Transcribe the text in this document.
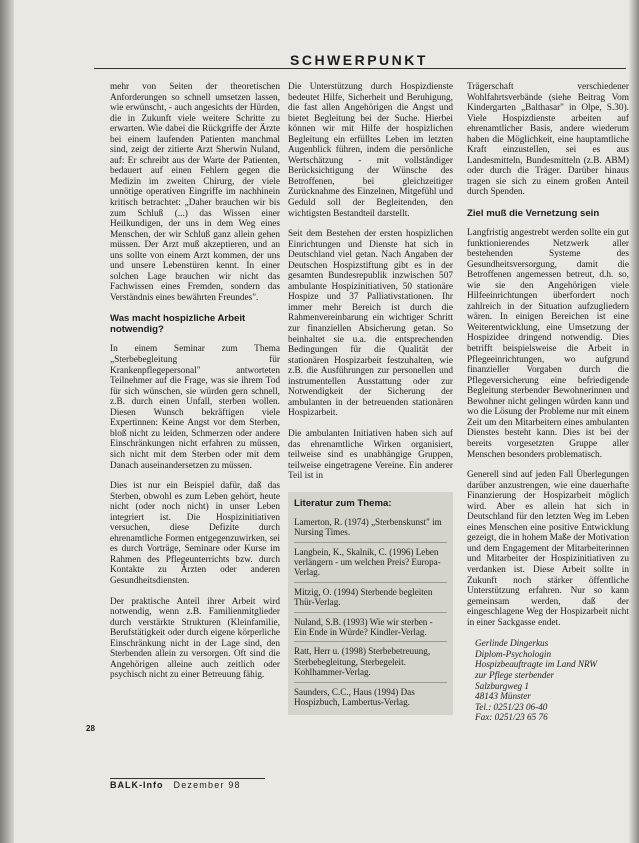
SCHWERPUNKT

mehr von Seiten der theoretischen Anforderungen so schnell umsetzen lassen, wie erwünscht, - auch angesichts der Hürden, die in Zukunft viele weitere Schritte zu erwarten. Wie dabei die Rückgriffe der Ärzte bei einem laufenden Patienten manchmal sind, zeigt der zitierte Arzt Sherwin Nuland, auf: Er schreibt aus der Warte der Patienten, bedauert auf einen Fehlern gegen die Medizin im zweiten Chirurg, der viele unnötige operativen Eingriffe im nachhinein kritisch betrachtet: „Daher brauchen wir bis zum Schluß (...) das Wissen einer Heilkundigen, der uns in dem Weg eines Menschen, der wir Schluß ganz allein gehen müssen. Der Arzt muß akzeptieren, und an uns sollte von einem Arzt kommen, der uns und unsere Lebenstüren kennt. In einer solchen Lage brauchen wir nicht das Fachwissen eines Fremden, sondern das Verständnis eines bewährten Freundes".

Was macht hospizliche Arbeit notwendig?

In einem Seminar zum Thema „Sterbebegleitung für Krankenpflegepersonal" antworteten Teilnehmer auf die Frage, was sie ihrem Tod für sich wünschen, sie würden gern schnell, z.B. durch einen Unfall, sterben wollen. Diesen Wunsch bekräftigen viele Expertinnen: Keine Angst vor dem Sterben, bloß nicht zu leiden, Schmerzen oder andere Einschränkungen nicht erfahren zu müssen, sich nicht mit dem Sterben oder mit dem Danach auseinandersetzen zu müssen.

Dies ist nur ein Beispiel dafür, daß das Sterben, obwohl es zum Leben gehört, heute nicht (oder noch nicht) in unser Leben integriert ist. Die Hospizinitiativen versuchen, diese Defizite durch ehrenamtliche Formen entgegenzuwirken, sei es durch Vorträge, Seminare oder Kurse im Rahmen des Pflegeunterrichts bzw. durch Kontakte zu Ärzten oder anderen Gesundheitsdiensten.

Der praktische Anteil ihrer Arbeit wird notwendig, wenn z.B. Familienmitglieder durch verstärkte Strukturen (Kleinfamilie, Berufstätigkeit oder durch eigene körperliche Einschränkung nicht in der Lage sind, den Sterbenden allein zu versorgen. Oft sind die Angehörigen alleine auch zeitlich oder psychisch nicht zu einer Betreuung fähig.

Die Unterstützung durch Hospizdienste bedeutet Hilfe, Sicherheit und Beruhigung, die fast allen Angehörigen die Angst und bietet Begleitung bei der Suche. Hierbei können wir mit Hilfe der hospizlichen Begleitung ein erfülltes Leben im letzten Augenblick führen, indem die persönliche Wertschätzung - mit vollständiger Berücksichtigung der Wünsche des Betroffenen, bei gleichzeitiger Zurücknahme des Einzelnen, Mitgefühl und Geduld soll der Begleitenden, den wichtigsten Bestandteil darstellt.

Seit dem Bestehen der ersten hospizlichen Einrichtungen und Dienste hat sich in Deutschland viel getan. Nach Angaben der Deutschen Hospizstiftung gibt es in der gesamten Bundesrepublik inzwischen 507 ambulante Hospizinitiativen, 50 stationäre Hospize und 37 Palliativstationen. Ihr immer mehr Bereich ist durch die Rahmenvereinbarung ein wichtiger Schritt zur finanziellen Absicherung getan. So beinhaltet sie u.a. die entsprechenden Bedingungen für die Qualität der stationären Hospizarbeit festzuhalten, wie z.B. die Ausführungen zur personellen und instrumentellen Ausstattung oder zur Notwendigkeit der Sicherung der ambulanten in der betreuenden stationären Hospizarbeit.

Die ambulanten Initiativen haben sich auf das ehrenamtliche Wirken organisiert, teilweise sind es unabhängige Gruppen, teilweise eingetragene Vereine. Ein anderer Teil ist in

Literatur zum Thema:

Lamerton, R. (1974) „Sterbenskunst" im Nursing Times.

Langbein, K., Skalnik, C. (1996) Leben verlängern - um welchen Preis? Europa-Verlag.

Mitzig, O. (1994) Sterbende begleiten Thür-Verlag.

Nuland, S.B. (1993) Wie wir sterben - Ein Ende in Würde? Kindler-Verlag.

Ratt, Herr u. (1998) Sterbebetreuung, Sterbebegleitung, Sterbegeleit. Kohlhammer-Verlag.

Saunders, C.C., Haus (1994) Das Hospizbuch, Lambertus-Verlag.

Trägerschaft verschiedener Wohlfahrtsverbände (siehe Beitrag Vom Kindergarten „Balthasar" in Olpe, S.30). Viele Hospizdienste arbeiten auf ehrenamtlicher Basis, andere wiederum haben die Möglichkeit, eine hauptamtliche Kraft einzustellen, sei es aus Landesmitteln, Bundesmitteln (z.B. ABM) oder durch die Träger. Darüber hinaus tragen sie sich zu einem großen Anteil durch Spenden.

Ziel muß die Vernetzung sein

Langfristig angestrebt werden sollte ein gut funktionierendes Netzwerk aller bestehenden Systeme des Gesundheitsversorgung, damit die Betroffenen angemessen betreut, d.h. so, wie sie den Angehörigen viele Hilfeeinrichtungen überfordert noch zahlreich in der Situation aufzugliedern wären. In einigen Bereichen ist eine Weiterentwicklung, eine Umsetzung der Hospizidee dringend notwendig. Dies betrifft beispielsweise die Arbeit in Pflegeeinrichtungen, wo aufgrund finanzieller Vorgaben durch die Pflegeversicherung eine befriedigende Begleitung sterbender Bewohnerinnen und Bewohner nicht gelingen würden kann und wo die Lösung der Probleme nur mit einem Zeit um den Mitarbeitern eines ambulanten Dienstes besteht kann. Dies ist bei der bereits vorgesetzten Gruppe aller Menschen besonders problematisch.

Generell sind auf jeden Fall Überlegungen darüber anzustrengen, wie eine dauerhafte Finanzierung der Hospizarbeit möglich wird. Aber es allein hat sich in Deutschland für den letzten Weg im Leben eines Menschen eine positive Entwicklung gezeigt, die in hohem Maße der Motivation und dem Engagement der Mitarbeiterinnen und Mitarbeiter der Hospizinitiativen zu verdanken ist. Diese Arbeit sollte in Zukunft noch stärker öffentliche Unterstützung erfahren. Nur so kann gemeinsam werden, daß der eingeschlagene Weg der Hospizarbeit nicht in einer Sackgasse endet.

Gerlinde Dingerkus
Diplom-Psychologin
Hospizbeauftragte im Land NRW
zur Pflege sterbender
Salzburgweg 1
48143 Münster
Tel.: 0251/23 06-40
Fax: 0251/23 65 76
28
BALK-Info Dezember 98
